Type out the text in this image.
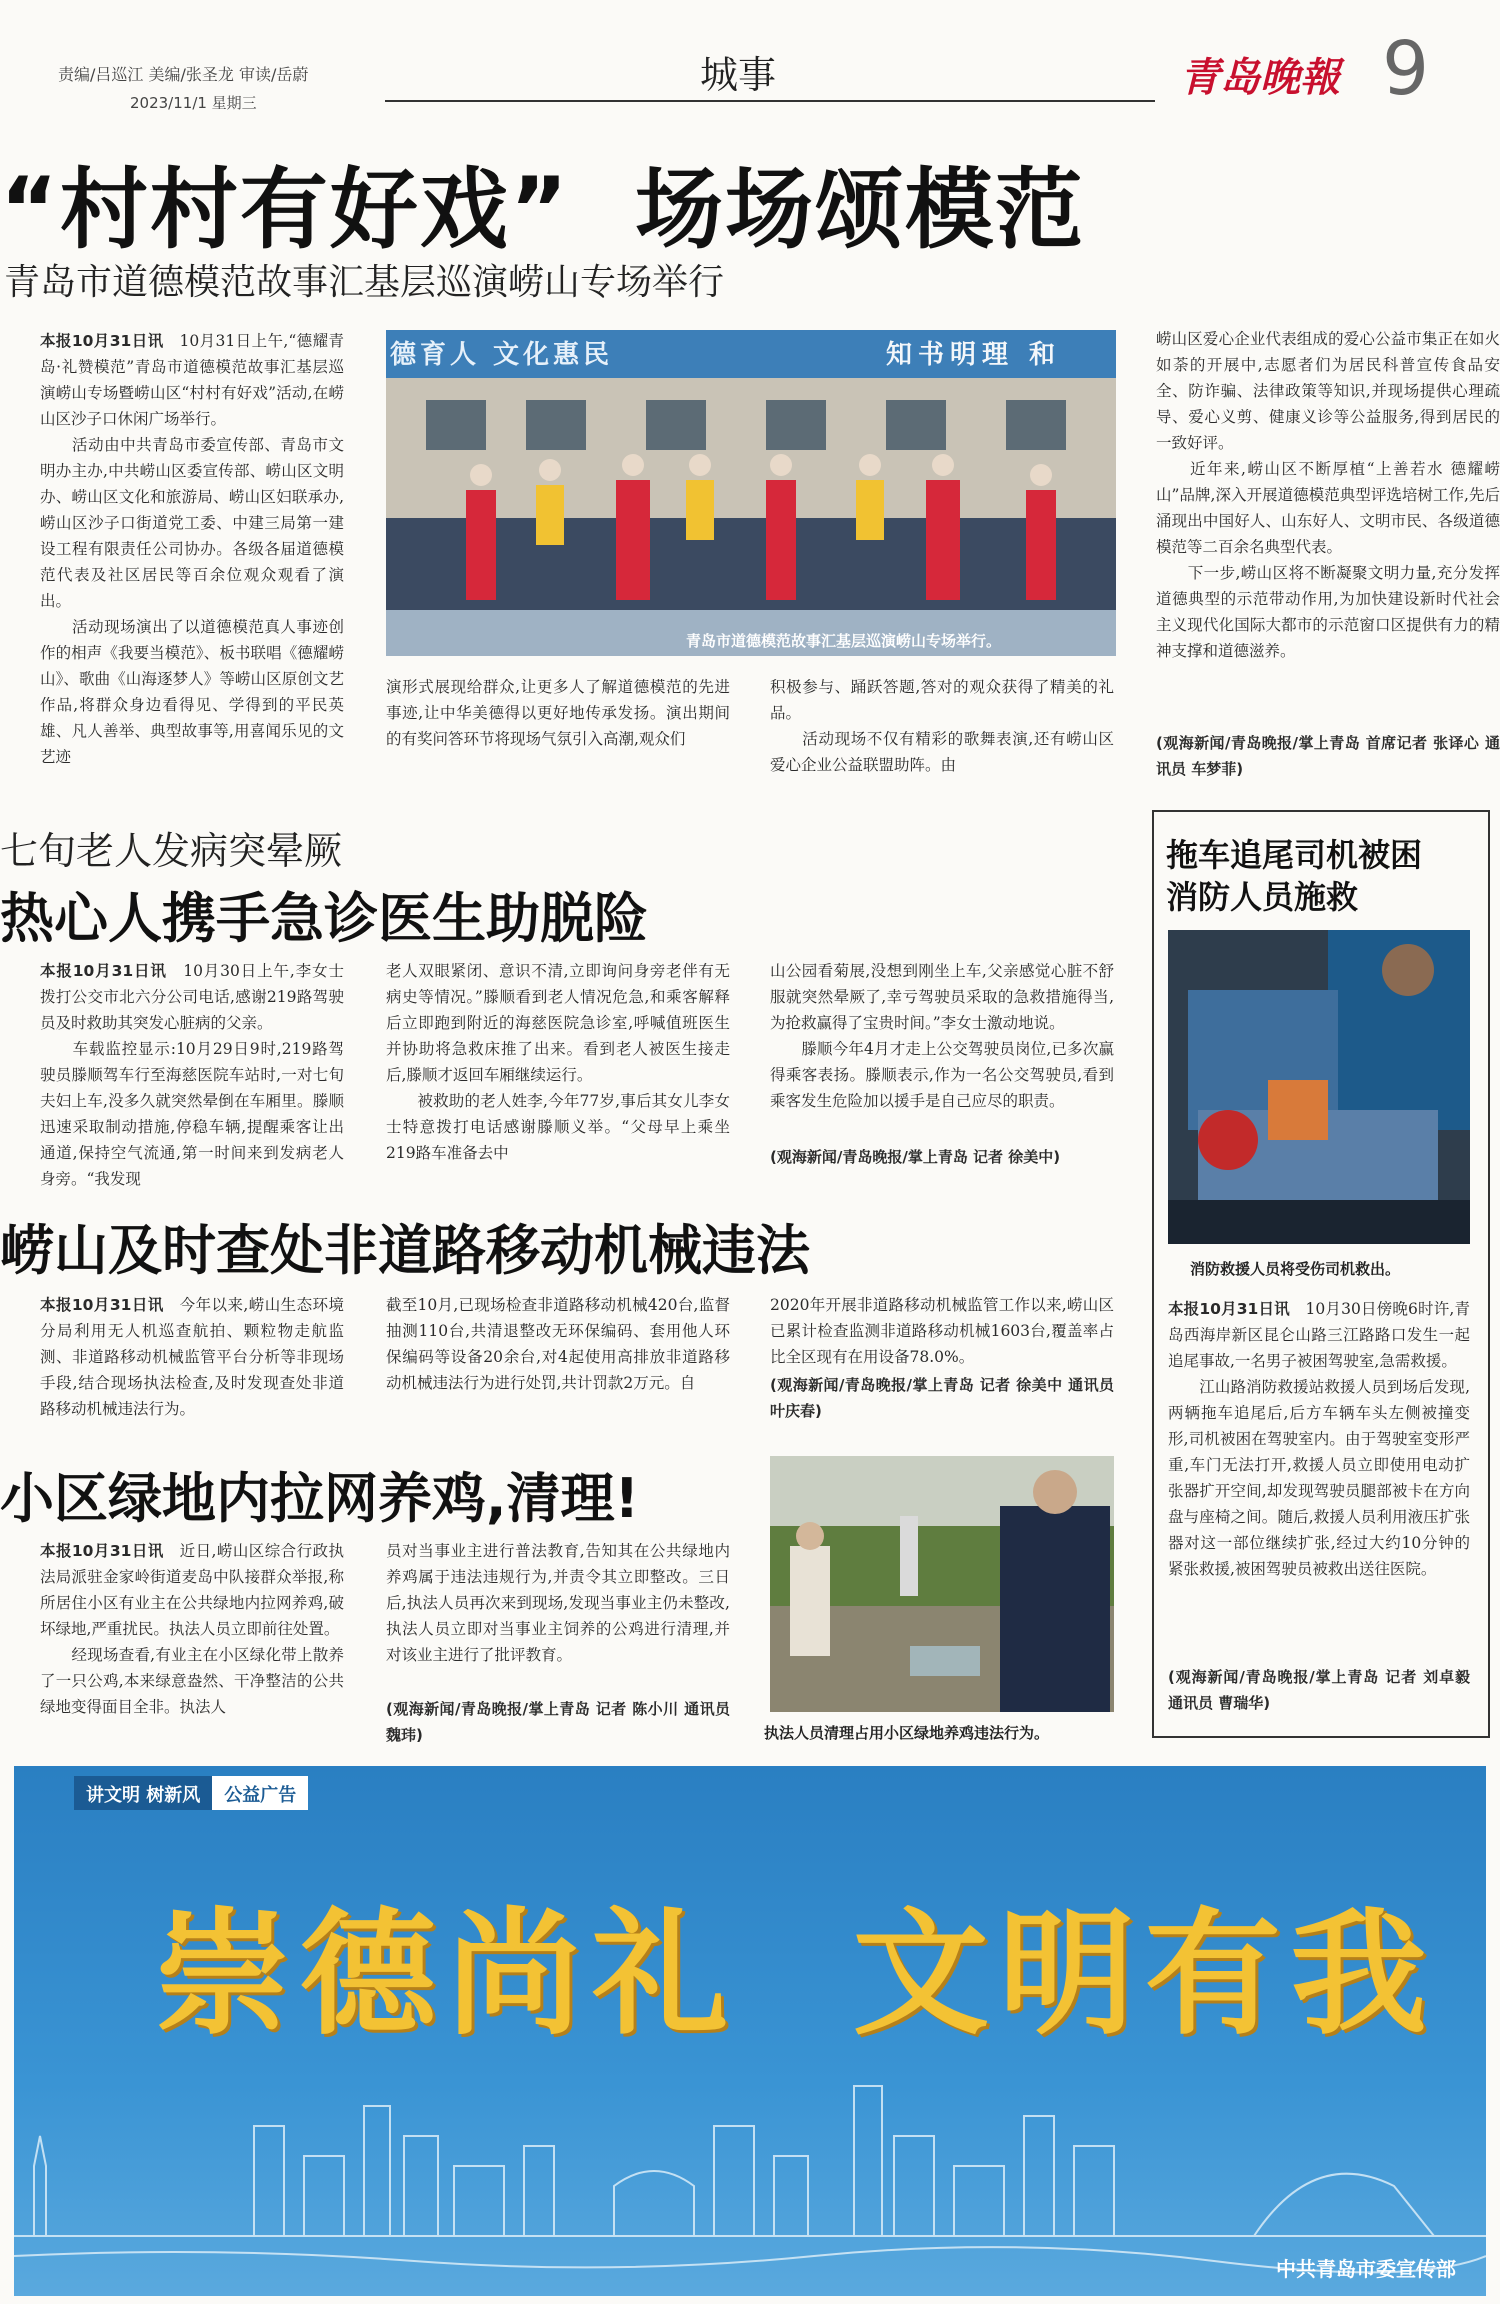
责编/吕巡江 美编/张圣龙 审读/岳蔚
2023/11/1 星期三
城事	青岛晚報 9
“村村有好戏”  场场颂模范
青岛市道德模范故事汇基层巡演崂山专场举行
本报10月31日讯　 10月31日上午,“德耀青岛·礼赞模范”青岛市道德模范故事汇基层巡演崂山专场暨崂山区“村村有好戏”活动,在崂山区沙子口休闲广场举行。
　　活动由中共青岛市委宣传部、青岛市文明办主办,中共崂山区委宣传部、崂山区文明办、崂山区文化和旅游局、崂山区妇联承办,崂山区沙子口街道党工委、中建三局第一建设工程有限责任公司协办。各级各届道德模范代表及社区居民等百余位观众观看了演出。
　　活动现场演出了以道德模范真人事迹创作的相声《我要当模范》、板书联唱《德耀崂山》、歌曲《山海逐梦人》等崂山区原创文艺作品,将群众身边看得见、学得到的平民英雄、凡人善举、典型故事等,用喜闻乐见的文艺迹
德育人 文化惠民	知书明理 和
青岛市道德模范故事汇基层巡演崂山专场举行。
演形式展现给群众,让更多人了解道德模范的先进事迹,让中华美德得以更好地传承发扬。演出期间的有奖问答环节将现场气氛引入高潮,观众们
积极参与、踊跃答题,答对的观众获得了精美的礼品。
　　活动现场不仅有精彩的歌舞表演,还有崂山区爱心企业公益联盟助阵。由
崂山区爱心企业代表组成的爱心公益市集正在如火如荼的开展中,志愿者们为居民科普宣传食品安全、防诈骗、法律政策等知识,并现场提供心理疏导、爱心义剪、健康义诊等公益服务,得到居民的一致好评。
　　近年来,崂山区不断厚植“上善若水 德耀崂山”品牌,深入开展道德模范典型评选培树工作,先后涌现出中国好人、山东好人、文明市民、各级道德模范等二百余名典型代表。
　　下一步,崂山区将不断凝聚文明力量,充分发挥道德典型的示范带动作用,为加快建设新时代社会主义现代化国际大都市的示范窗口区提供有力的精神支撑和道德滋养。
(观海新闻/青岛晚报/掌上青岛 首席记者 张译心 通讯员 车梦菲)
七旬老人发病突晕厥
热心人携手急诊医生助脱险
本报10月31日讯　 10月30日上午,李女士拨打公交市北六分公司电话,感谢219路驾驶员及时救助其突发心脏病的父亲。
　　车载监控显示:10月29日9时,219路驾驶员滕顺驾车行至海慈医院车站时,一对七旬夫妇上车,没多久就突然晕倒在车厢里。滕顺迅速采取制动措施,停稳车辆,提醒乘客让出通道,保持空气流通,第一时间来到发病老人身旁。“我发现
老人双眼紧闭、意识不清,立即询问身旁老伴有无病史等情况。”滕顺看到老人情况危急,和乘客解释后立即跑到附近的海慈医院急诊室,呼喊值班医生并协助将急救床推了出来。看到老人被医生接走后,滕顺才返回车厢继续运行。
　　被救助的老人姓李,今年77岁,事后其女儿李女士特意拨打电话感谢滕顺义举。“父母早上乘坐219路车准备去中
山公园看菊展,没想到刚坐上车,父亲感觉心脏不舒服就突然晕厥了,幸亏驾驶员采取的急救措施得当,为抢救赢得了宝贵时间。”李女士激动地说。
　　滕顺今年4月才走上公交驾驶员岗位,已多次赢得乘客表扬。滕顺表示,作为一名公交驾驶员,看到乘客发生危险加以援手是自己应尽的职责。
(观海新闻/青岛晚报/掌上青岛 记者 徐美中)
崂山及时查处非道路移动机械违法
本报10月31日讯　 今年以来,崂山生态环境分局利用无人机巡查航拍、颗粒物走航监测、非道路移动机械监管平台分析等非现场手段,结合现场执法检查,及时发现查处非道路移动机械违法行为。
截至10月,已现场检查非道路移动机械420台,监督抽测110台,共清退整改无环保编码、套用他人环保编码等设备20余台,对4起使用高排放非道路移动机械违法行为进行处罚,共计罚款2万元。自
2020年开展非道路移动机械监管工作以来,崂山区已累计检查监测非道路移动机械1603台,覆盖率占比全区现有在用设备78.0%。
(观海新闻/青岛晚报/掌上青岛 记者 徐美中 通讯员 叶庆春)
小区绿地内拉网养鸡,清理!
本报10月31日讯　 近日,崂山区综合行政执法局派驻金家岭街道麦岛中队接群众举报,称所居住小区有业主在公共绿地内拉网养鸡,破坏绿地,严重扰民。执法人员立即前往处置。
　　经现场查看,有业主在小区绿化带上散养了一只公鸡,本来绿意盎然、干净整洁的公共绿地变得面目全非。执法人
员对当事业主进行普法教育,告知其在公共绿地内养鸡属于违法违规行为,并责令其立即整改。三日后,执法人员再次来到现场,发现当事业主仍未整改,执法人员立即对当事业主饲养的公鸡进行清理,并对该业主进行了批评教育。
(观海新闻/青岛晚报/掌上青岛 记者 陈小川 通讯员 魏玮)	执法人员清理占用小区绿地养鸡违法行为。
拖车追尾司机被困
消防人员施救
消防救援人员将受伤司机救出。
本报10月31日讯　 10月30日傍晚6时许,青岛西海岸新区昆仑山路三江路路口发生一起追尾事故,一名男子被困驾驶室,急需救援。
　　江山路消防救援站救援人员到场后发现,两辆拖车追尾后,后方车辆车头左侧被撞变形,司机被困在驾驶室内。由于驾驶室变形严重,车门无法打开,救援人员立即使用电动扩张器扩开空间,却发现驾驶员腿部被卡在方向盘与座椅之间。随后,救援人员利用液压扩张器对这一部位继续扩张,经过大约10分钟的紧张救援,被困驾驶员被救出送往医院。
(观海新闻/青岛晚报/掌上青岛 记者 刘卓毅 通讯员 曹瑞华)
讲文明 树新风	公益广告
崇德尚礼  文明有我
中共青岛市委宣传部
